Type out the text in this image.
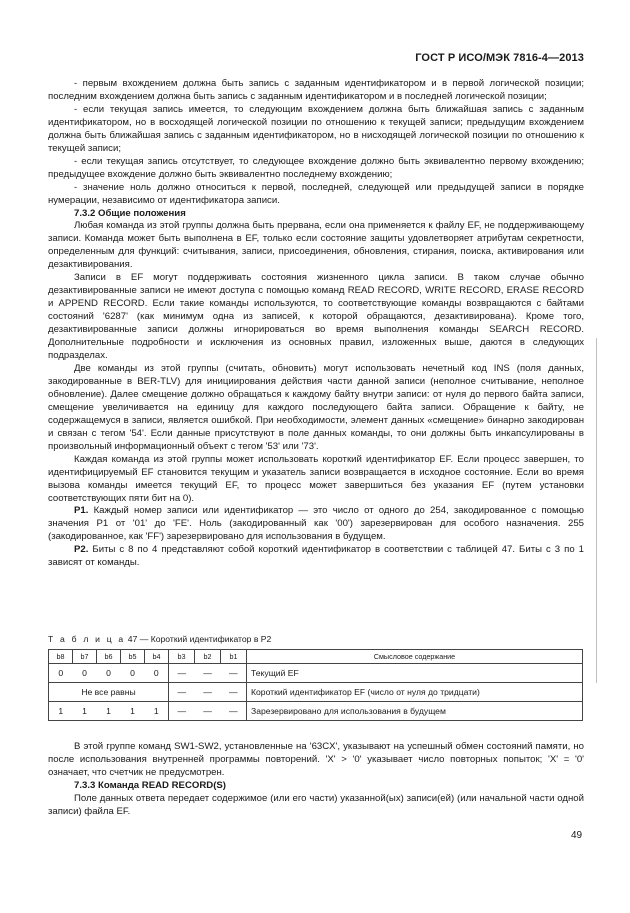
ГОСТ Р ИСО/МЭК 7816-4—2013

- первым вхождением должна быть запись с заданным идентификатором и в первой логической позиции; последним вхождением должна быть запись с заданным идентификатором и в последней логической позиции;

- если текущая запись имеется, то следующим вхождением должна быть ближайшая запись с заданным идентификатором, но в восходящей логической позиции по отношению к текущей записи; предыдущим вхождением должна быть ближайшая запись с заданным идентификатором, но в нисходящей логической позиции по отношению к текущей записи;

- если текущая запись отсутствует, то следующее вхождение должно быть эквивалентно первому вхождению; предыдущее вхождение должно быть эквивалентно последнему вхождению;

- значение ноль должно относиться к первой, последней, следующей или предыдущей записи в порядке нумерации, независимо от идентификатора записи.

7.3.2 Общие положения

Любая команда из этой группы должна быть прервана, если она применяется к файлу EF, не поддерживающему записи. Команда может быть выполнена в EF, только если состояние защиты удовлетворяет атрибутам секретности, определенным для функций: считывания, записи, присоединения, обновления, стирания, поиска, активирования или дезактивирования.

Записи в EF могут поддерживать состояния жизненного цикла записи. В таком случае обычно дезактивированные записи не имеют доступа с помощью команд READ RECORD, WRITE RECORD, ERASE RECORD и APPEND RECORD. Если такие команды используются, то соответствующие команды возвращаются с байтами состояний '6287' (как минимум одна из записей, к которой обращаются, дезактивирована). Кроме того, дезактивированные записи должны игнорироваться во время выполнения команды SEARCH RECORD. Дополнительные подробности и исключения из основных правил, изложенных выше, даются в следующих подразделах.

Две команды из этой группы (считать, обновить) могут использовать нечетный код INS (поля данных, закодированные в BER-TLV) для инициирования действия части данной записи (неполное считывание, неполное обновление). Далее смещение должно обращаться к каждому байту внутри записи: от нуля до первого байта записи, смещение увеличивается на единицу для каждого последующего байта записи. Обращение к байту, не содержащемуся в записи, является ошибкой. При необходимости, элемент данных «смещение» бинарно закодирован и связан с тегом '54'. Если данные присутствуют в поле данных команды, то они должны быть инкапсулированы в произвольный информационный объект с тегом '53' или '73'.

Каждая команда из этой группы может использовать короткий идентификатор EF. Если процесс завершен, то идентифицируемый EF становится текущим и указатель записи возвращается в исходное состояние. Если во время вызова команды имеется текущий EF, то процесс может завершиться без указания EF (путем установки соответствующих пяти бит на 0).

P1. Каждый номер записи или идентификатор — это число от одного до 254, закодированное с помощью значения P1 от '01' до 'FE'. Ноль (закодированный как '00') зарезервирован для особого назначения. 255 (закодированное, как 'FF') зарезервировано для использования в будущем.

P2. Биты с 8 по 4 представляют собой короткий идентификатор в соответствии с таблицей 47. Биты с 3 по 1 зависят от команды.

Т а б л и ц а 47 — Короткий идентификатор в P2
b8	b7	b6	b5	b4	b3	b2	b1	Смысловое содержание
0	0	0	0	0	—	—	—	Текущий EF
Не все равны					—	—	—	Короткий идентификатор EF (число от нуля до тридцати)
1	1	1	1	1	—	—	—	Зарезервировано для использования в будущем

В этой группе команд SW1-SW2, установленные на '63CX', указывают на успешный обмен состояний памяти, но после использования внутренней программы повторений. 'X' > '0' указывает число повторных попыток; 'X' = '0' означает, что счетчик не предусмотрен.

7.3.3 Команда READ RECORD(S)

Поле данных ответа передает содержимое (или его части) указанной(ых) записи(ей) (или начальной части одной записи) файла EF.

49
